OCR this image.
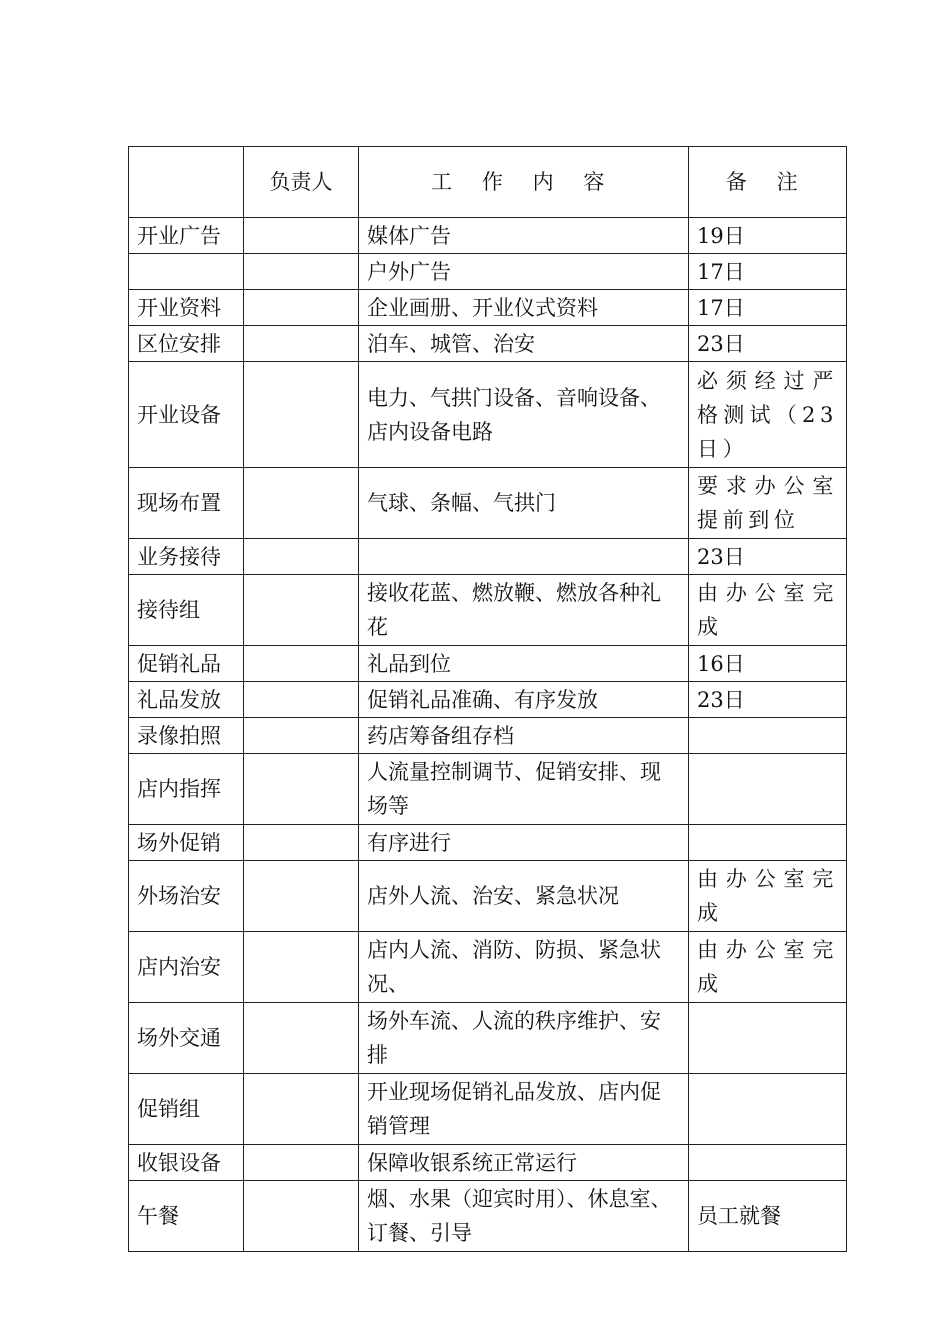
	负责人	工 作 内 容	备 注
开业广告		媒体广告	19日
		户外广告	17日
开业资料		企业画册、开业仪式资料	17日
区位安排		泊车、城管、治安	23日
开业设备		电力、气拱门设备、音响设备、店内设备电路	必须经过严格测试（23日）
现场布置		气球、条幅、气拱门	要求办公室提前到位
业务接待			23日
接待组		接收花蓝、燃放鞭、燃放各种礼花	由办公室完成
促销礼品		礼品到位	16日
礼品发放		促销礼品准确、有序发放	23日
录像拍照		药店筹备组存档	
店内指挥		人流量控制调节、促销安排、现场等	
场外促销		有序进行	
外场治安		店外人流、治安、紧急状况	由办公室完成
店内治安		店内人流、消防、防损、紧急状况、	由办公室完成
场外交通		场外车流、人流的秩序维护、安排	
促销组		开业现场促销礼品发放、店内促销管理	
收银设备		保障收银系统正常运行	
午餐		烟、水果（迎宾时用）、休息室、订餐、引导	员工就餐
